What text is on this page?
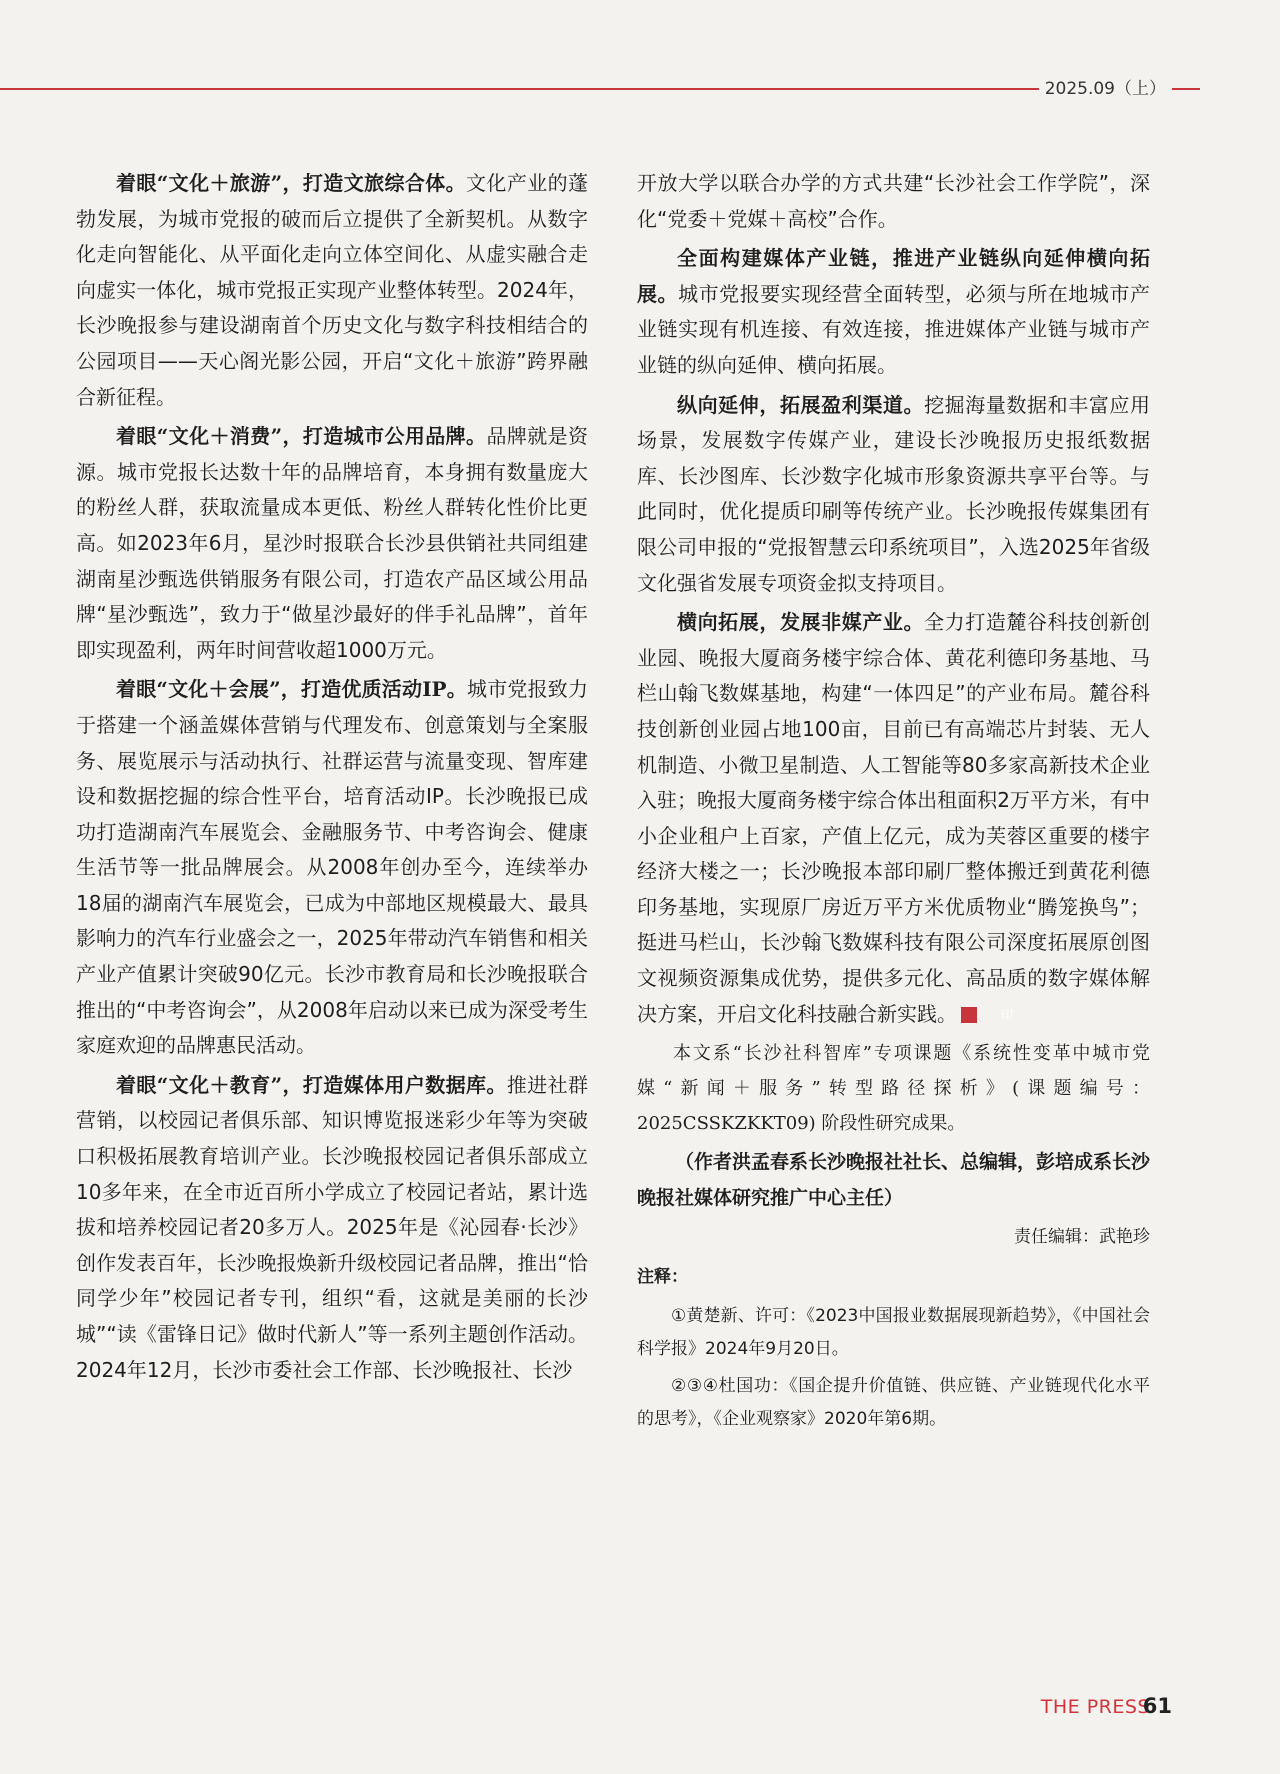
2025.09（上）

着眼“文化＋旅游”，打造文旅综合体。文化产业的蓬勃发展，为城市党报的破而后立提供了全新契机。从数字化走向智能化、从平面化走向立体空间化、从虚实融合走向虚实一体化，城市党报正实现产业整体转型。2024年，长沙晚报参与建设湖南首个历史文化与数字科技相结合的公园项目——天心阁光影公园，开启“文化＋旅游”跨界融合新征程。

着眼“文化＋消费”，打造城市公用品牌。品牌就是资源。城市党报长达数十年的品牌培育，本身拥有数量庞大的粉丝人群，获取流量成本更低、粉丝人群转化性价比更高。如2023年6月，星沙时报联合长沙县供销社共同组建湖南星沙甄选供销服务有限公司，打造农产品区域公用品牌“星沙甄选”，致力于“做星沙最好的伴手礼品牌”，首年即实现盈利，两年时间营收超1000万元。

着眼“文化＋会展”，打造优质活动IP。城市党报致力于搭建一个涵盖媒体营销与代理发布、创意策划与全案服务、展览展示与活动执行、社群运营与流量变现、智库建设和数据挖掘的综合性平台，培育活动IP。长沙晚报已成功打造湖南汽车展览会、金融服务节、中考咨询会、健康生活节等一批品牌展会。从2008年创办至今，连续举办18届的湖南汽车展览会，已成为中部地区规模最大、最具影响力的汽车行业盛会之一，2025年带动汽车销售和相关产业产值累计突破90亿元。长沙市教育局和长沙晚报联合推出的“中考咨询会”，从2008年启动以来已成为深受考生家庭欢迎的品牌惠民活动。

着眼“文化＋教育”，打造媒体用户数据库。推进社群营销，以校园记者俱乐部、知识博览报迷彩少年等为突破口积极拓展教育培训产业。长沙晚报校园记者俱乐部成立10多年来，在全市近百所小学成立了校园记者站，累计选拔和培养校园记者20多万人。2025年是《沁园春·长沙》创作发表百年，长沙晚报焕新升级校园记者品牌，推出“恰同学少年”校园记者专刊，组织“看，这就是美丽的长沙城”“读《雷锋日记》做时代新人”等一系列主题创作活动。2024年12月，长沙市委社会工作部、长沙晚报社、长沙

开放大学以联合办学的方式共建“长沙社会工作学院”，深化“党委＋党媒＋高校”合作。

全面构建媒体产业链，推进产业链纵向延伸横向拓展。城市党报要实现经营全面转型，必须与所在地城市产业链实现有机连接、有效连接，推进媒体产业链与城市产业链的纵向延伸、横向拓展。

纵向延伸，拓展盈利渠道。挖掘海量数据和丰富应用场景，发展数字传媒产业，建设长沙晚报历史报纸数据库、长沙图库、长沙数字化城市形象资源共享平台等。与此同时，优化提质印刷等传统产业。长沙晚报传媒集团有限公司申报的“党报智慧云印系统项目”，入选2025年省级文化强省发展专项资金拟支持项目。

横向拓展，发展非媒产业。全力打造麓谷科技创新创业园、晚报大厦商务楼宇综合体、黄花利德印务基地、马栏山翰飞数媒基地，构建“一体四足”的产业布局。麓谷科技创新创业园占地100亩，目前已有高端芯片封装、无人机制造、小微卫星制造、人工智能等80多家高新技术企业入驻；晚报大厦商务楼宇综合体出租面积2万平方米，有中小企业租户上百家，产值上亿元，成为芙蓉区重要的楼宇经济大楼之一；长沙晚报本部印刷厂整体搬迁到黄花利德印务基地，实现原厂房近万平方米优质物业“腾笼换鸟”；挺进马栏山，长沙翰飞数媒科技有限公司深度拓展原创图文视频资源集成优势，提供多元化、高品质的数字媒体解决方案，开启文化科技融合新实践。	印

本文系“长沙社科智库”专项课题《系统性变革中城市党媒“新闻＋服务”转型路径探析》(课题编号：2025CSSKZKKT09) 阶段性研究成果。

（作者洪孟春系长沙晚报社社长、总编辑，彭培成系长沙晚报社媒体研究推广中心主任）

责任编辑：武艳珍

注释：

①黄楚新、许可：《2023中国报业数据展现新趋势》，《中国社会科学报》2024年9月20日。

②③④杜国功：《国企提升价值链、供应链、产业链现代化水平的思考》，《企业观察家》2020年第6期。

THE PRESS
61
